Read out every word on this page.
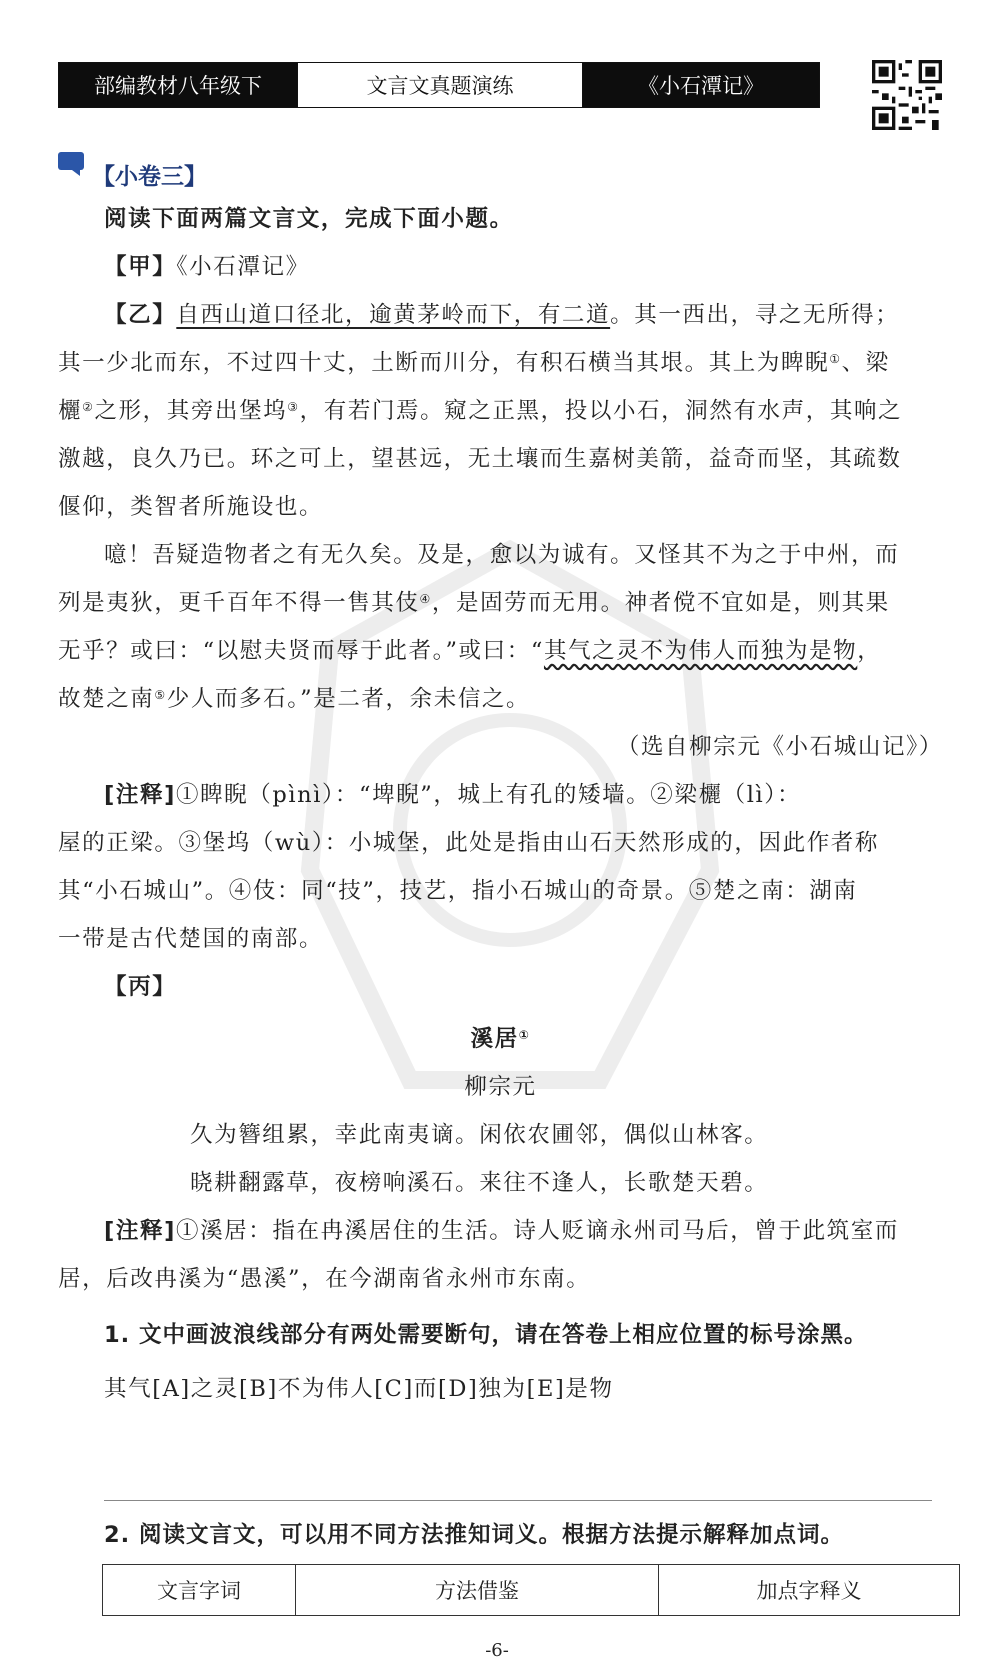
部编教材八年级下	文言文真题演练	《小石潭记》
【小卷三】
阅读下面两篇文言文，完成下面小题。
【甲】《小石潭记》
【乙】自西山道口径北，逾黄茅岭而下，有二道。其一西出，寻之无所得；
其一少北而东，不过四十丈，土断而川分，有积石横当其垠。其上为睥睨①、梁
欐②之形，其旁出堡坞③，有若门焉。窥之正黑，投以小石，洞然有水声，其响之
激越，良久乃已。环之可上，望甚远，无土壤而生嘉树美箭，益奇而坚，其疏数
偃仰，类智者所施设也。
噫！吾疑造物者之有无久矣。及是，愈以为诚有。又怪其不为之于中州，而
列是夷狄，更千百年不得一售其伎④，是固劳而无用。神者傥不宜如是，则其果
无乎？或曰：“以慰夫贤而辱于此者。”或曰：“其气之灵不为伟人而独为是物，
故楚之南⑤少人而多石。”是二者，余未信之。
（选自柳宗元《小石城山记》）
[注释]①睥睨（pìnì）：“埤睨”，城上有孔的矮墙。②梁欐（lì）：
屋的正梁。③堡坞（wù）：小城堡，此处是指由山石天然形成的，因此作者称
其“小石城山”。④伎：同“技”，技艺，指小石城山的奇景。⑤楚之南：湖南
一带是古代楚国的南部。
【丙】
溪居①
柳宗元
久为簪组累，幸此南夷谪。闲依农圃邻，偶似山林客。
晓耕翻露草，夜榜响溪石。来往不逢人，长歌楚天碧。
[注释]①溪居：指在冉溪居住的生活。诗人贬谪永州司马后，曾于此筑室而
居，后改冉溪为“愚溪”，在今湖南省永州市东南。
1. 文中画波浪线部分有两处需要断句，请在答卷上相应位置的标号涂黑。
其气[A]之灵[B]不为伟人[C]而[D]独为[E]是物
2. 阅读文言文，可以用不同方法推知词义。根据方法提示解释加点词。
文言字词	方法借鉴	加点字释义
-6-
